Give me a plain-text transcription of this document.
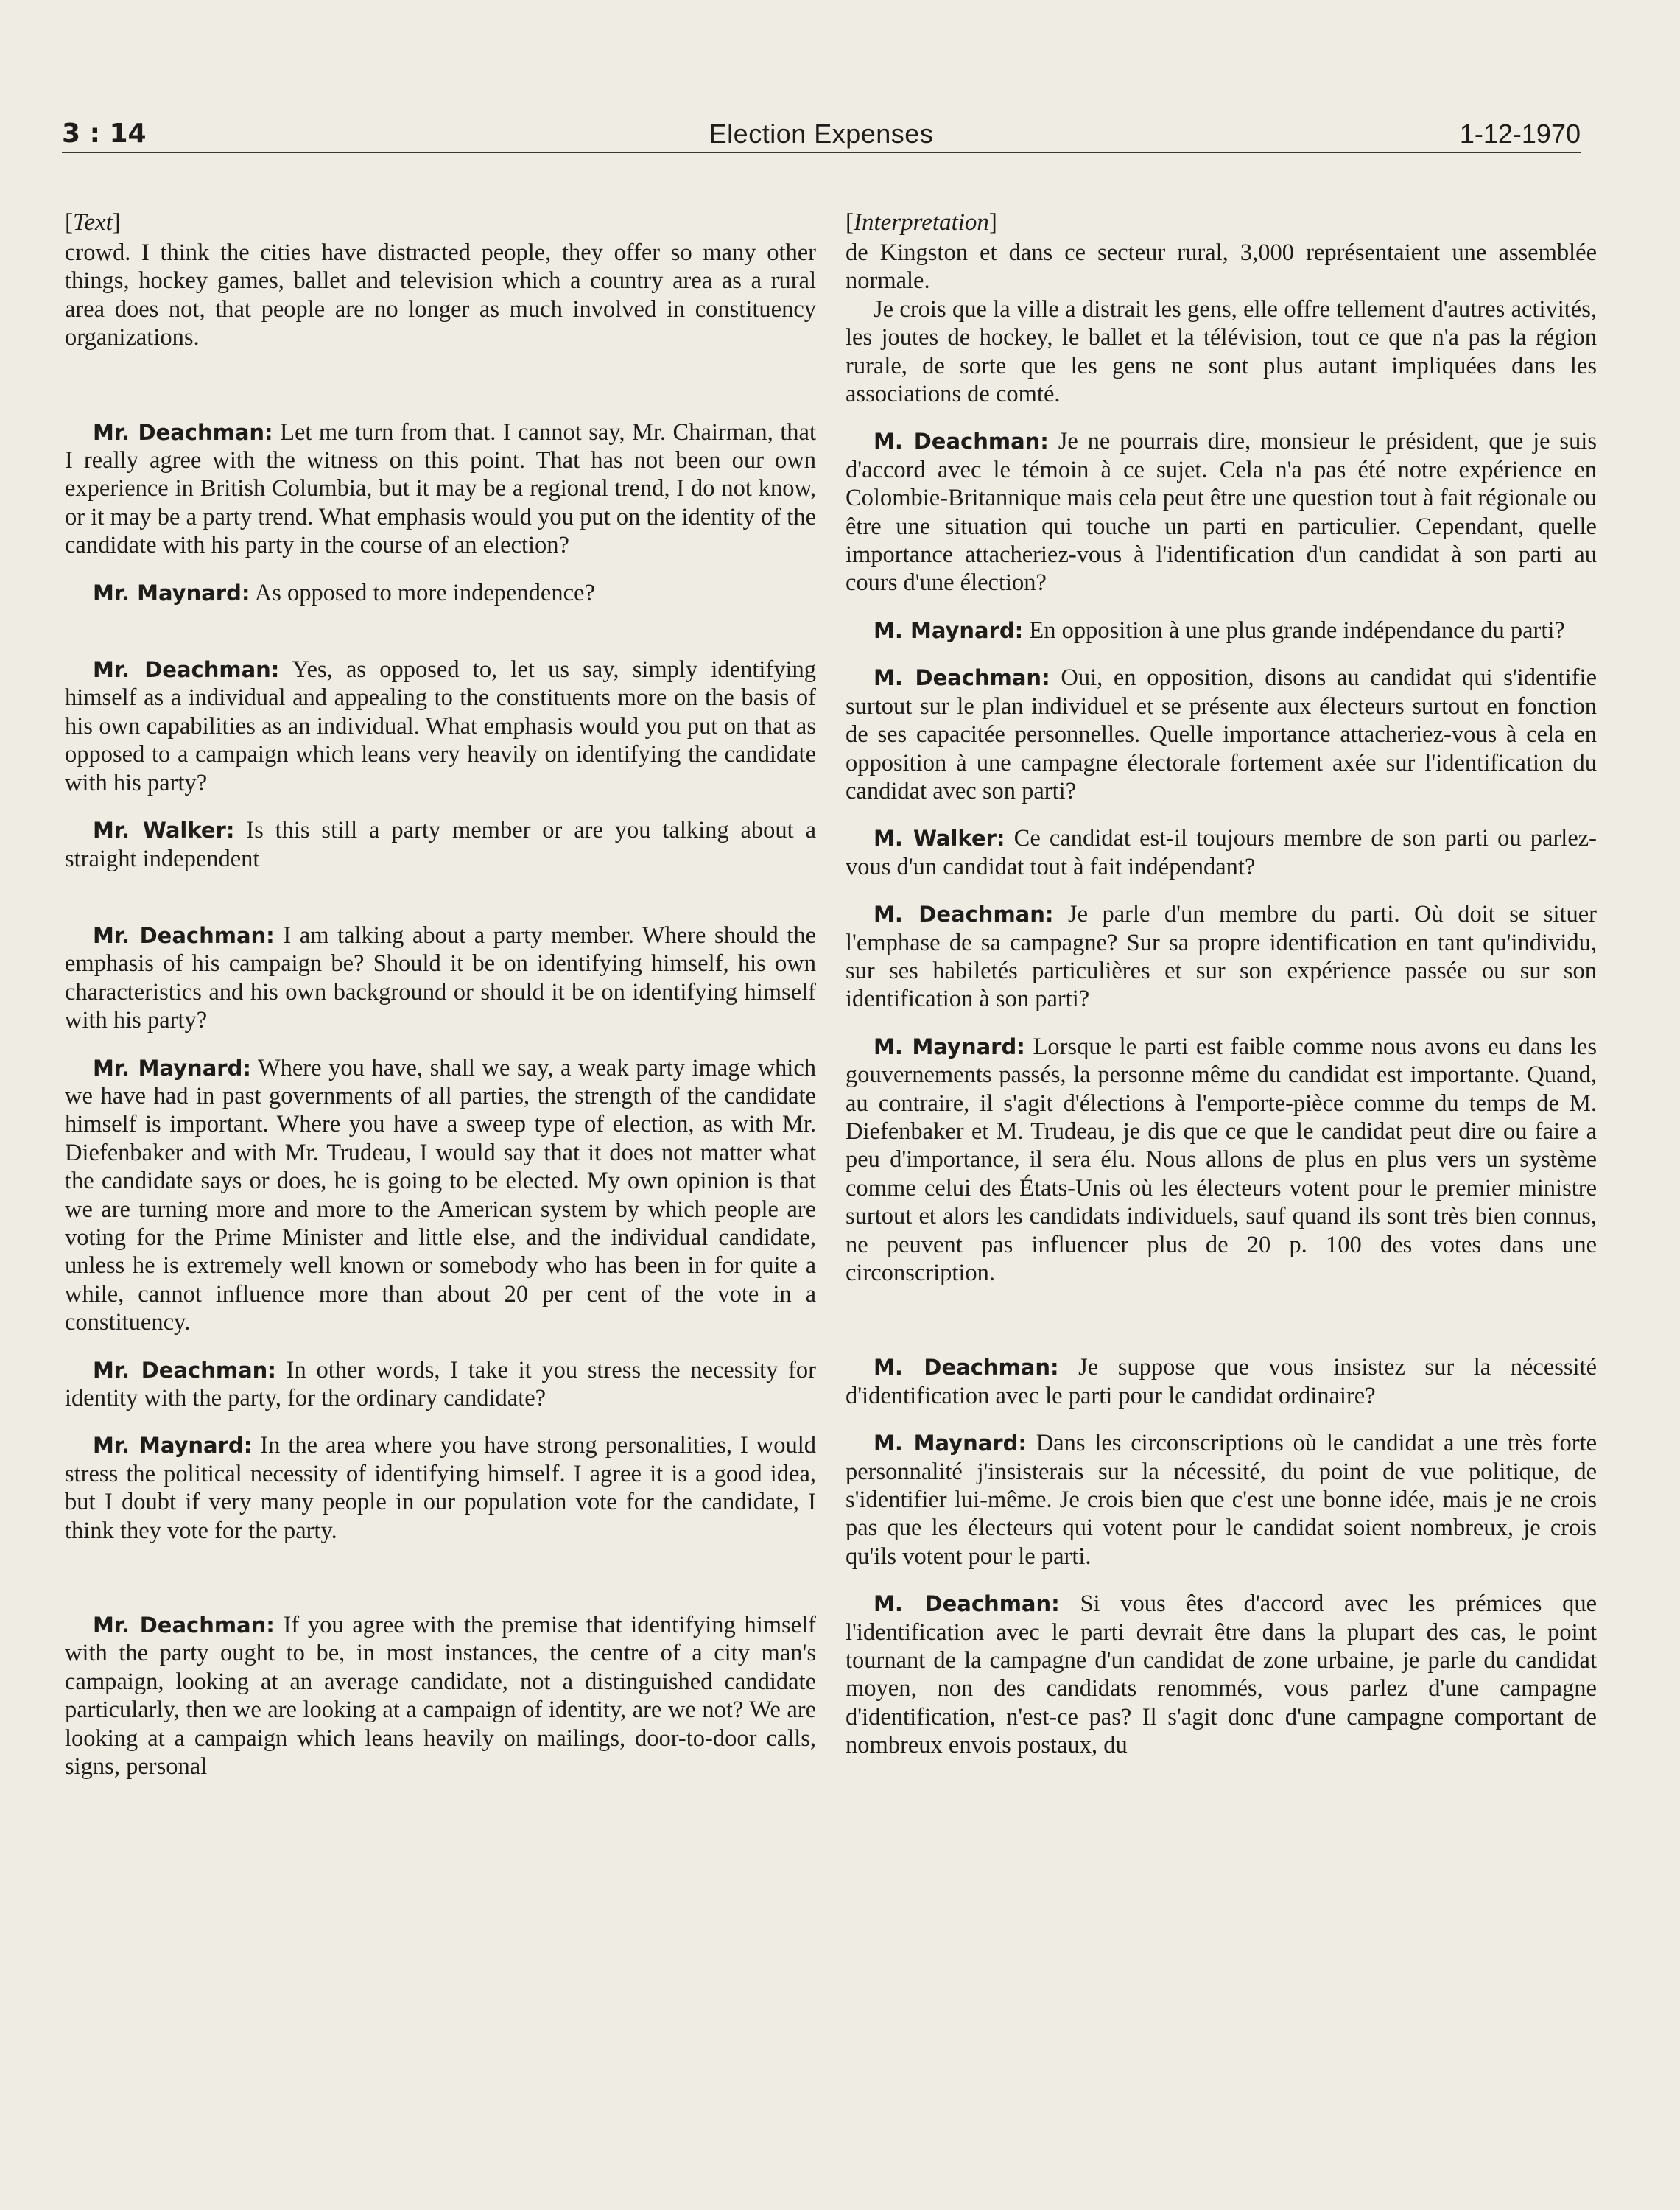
Election Expenses
3 : 14	1-12-1970
[Text]

crowd. I think the cities have distracted people, they offer so many other things, hockey games, ballet and television which a country area as a rural area does not, that people are no longer as much involved in constituency organizations.

Mr. Deachman: Let me turn from that. I cannot say, Mr. Chairman, that I really agree with the witness on this point. That has not been our own experience in British Columbia, but it may be a regional trend, I do not know, or it may be a party trend. What emphasis would you put on the identity of the candidate with his party in the course of an election?

Mr. Maynard: As opposed to more independence?

Mr. Deachman: Yes, as opposed to, let us say, simply identifying himself as a individual and appealing to the constituents more on the basis of his own capabilities as an individual. What emphasis would you put on that as opposed to a campaign which leans very heavily on identifying the candidate with his party?

Mr. Walker: Is this still a party member or are you talking about a straight independent

Mr. Deachman: I am talking about a party member. Where should the emphasis of his campaign be? Should it be on identifying himself, his own characteristics and his own background or should it be on identifying himself with his party?

Mr. Maynard: Where you have, shall we say, a weak party image which we have had in past governments of all parties, the strength of the candidate himself is important. Where you have a sweep type of election, as with Mr. Diefenbaker and with Mr. Trudeau, I would say that it does not matter what the candidate says or does, he is going to be elected. My own opinion is that we are turning more and more to the American system by which people are voting for the Prime Minister and little else, and the individual candidate, unless he is extremely well known or somebody who has been in for quite a while, cannot influence more than about 20 per cent of the vote in a constituency.

Mr. Deachman: In other words, I take it you stress the necessity for identity with the party, for the ordinary candidate?

Mr. Maynard: In the area where you have strong personalities, I would stress the political necessity of identifying himself. I agree it is a good idea, but I doubt if very many people in our population vote for the candidate, I think they vote for the party.

Mr. Deachman: If you agree with the premise that identifying himself with the party ought to be, in most instances, the centre of a city man's campaign, looking at an average candidate, not a distinguished candidate particularly, then we are looking at a campaign of identity, are we not? We are looking at a campaign which leans heavily on mailings, door-to-door calls, signs, personal

[Interpretation]

de Kingston et dans ce secteur rural, 3,000 représentaient une assemblée normale.

Je crois que la ville a distrait les gens, elle offre tellement d'autres activités, les joutes de hockey, le ballet et la télévision, tout ce que n'a pas la région rurale, de sorte que les gens ne sont plus autant impliquées dans les associations de comté.

M. Deachman: Je ne pourrais dire, monsieur le président, que je suis d'accord avec le témoin à ce sujet. Cela n'a pas été notre expérience en Colombie-Britannique mais cela peut être une question tout à fait régionale ou être une situation qui touche un parti en particulier. Cependant, quelle importance attacheriez-vous à l'identification d'un candidat à son parti au cours d'une élection?

M. Maynard: En opposition à une plus grande indépendance du parti?

M. Deachman: Oui, en opposition, disons au candidat qui s'identifie surtout sur le plan individuel et se présente aux électeurs surtout en fonction de ses capacitée personnelles. Quelle importance attacheriez-vous à cela en opposition à une campagne électorale fortement axée sur l'identification du candidat avec son parti?

M. Walker: Ce candidat est-il toujours membre de son parti ou parlez-vous d'un candidat tout à fait indépendant?

M. Deachman: Je parle d'un membre du parti. Où doit se situer l'emphase de sa campagne? Sur sa propre identification en tant qu'individu, sur ses habiletés particulières et sur son expérience passée ou sur son identification à son parti?

M. Maynard: Lorsque le parti est faible comme nous avons eu dans les gouvernements passés, la personne même du candidat est importante. Quand, au contraire, il s'agit d'élections à l'emporte-pièce comme du temps de M. Diefenbaker et M. Trudeau, je dis que ce que le candidat peut dire ou faire a peu d'importance, il sera élu. Nous allons de plus en plus vers un système comme celui des États-Unis où les électeurs votent pour le premier ministre surtout et alors les candidats individuels, sauf quand ils sont très bien connus, ne peuvent pas influencer plus de 20 p. 100 des votes dans une circonscription.

M. Deachman: Je suppose que vous insistez sur la nécessité d'identification avec le parti pour le candidat ordinaire?

M. Maynard: Dans les circonscriptions où le candidat a une très forte personnalité j'insisterais sur la nécessité, du point de vue politique, de s'identifier lui-même. Je crois bien que c'est une bonne idée, mais je ne crois pas que les électeurs qui votent pour le candidat soient nombreux, je crois qu'ils votent pour le parti.

M. Deachman: Si vous êtes d'accord avec les prémices que l'identification avec le parti devrait être dans la plupart des cas, le point tournant de la campagne d'un candidat de zone urbaine, je parle du candidat moyen, non des candidats renommés, vous parlez d'une campagne d'identification, n'est-ce pas? Il s'agit donc d'une campagne comportant de nombreux envois postaux, du
